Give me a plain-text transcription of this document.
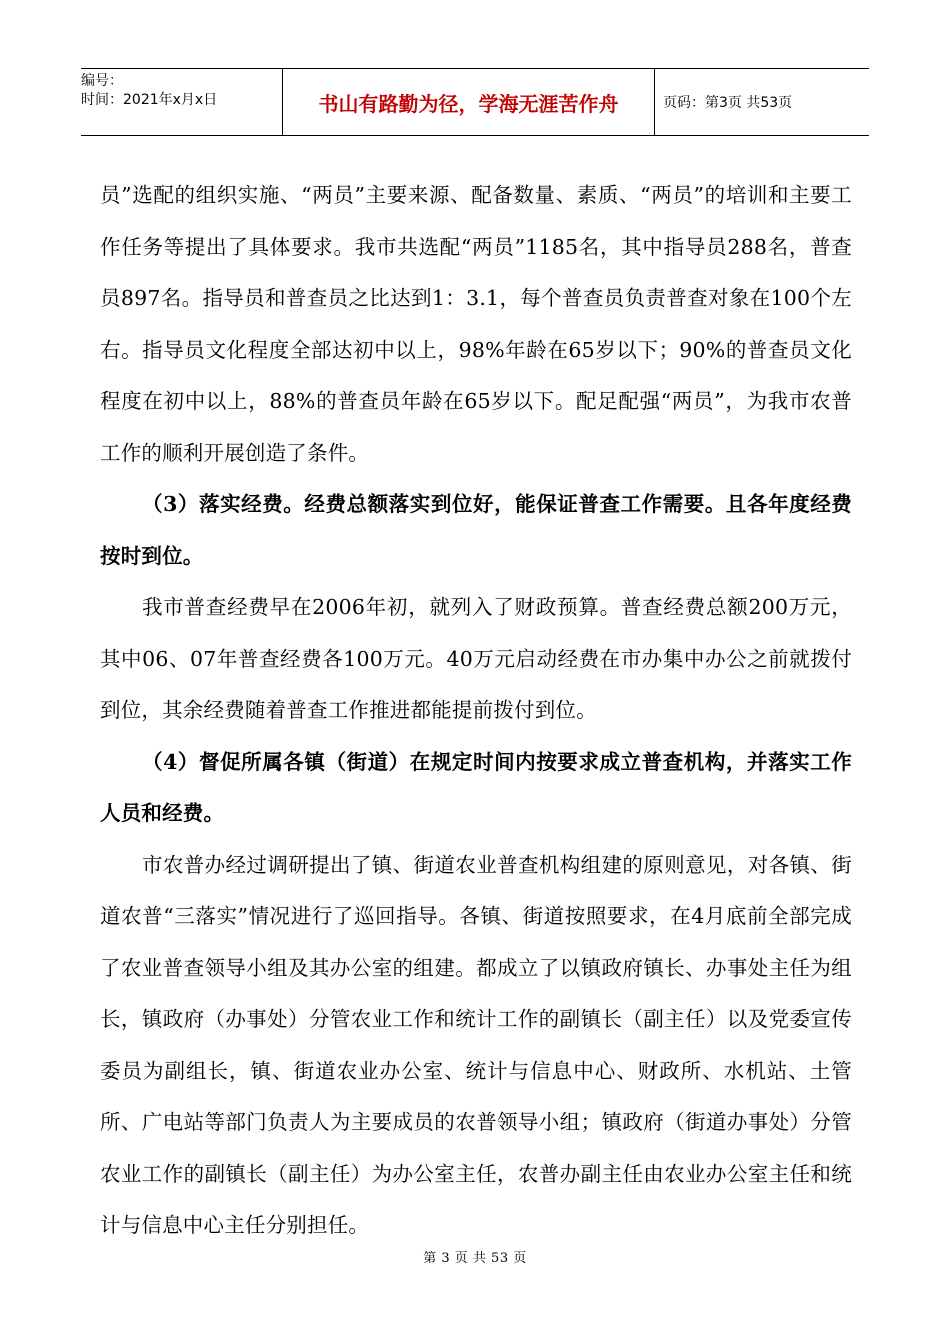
编号：
时间：2021年x月x日	书山有路勤为径，学海无涯苦作舟	页码：第3页 共53页

员”选配的组织实施、“两员”主要来源、配备数量、素质、“两员”的培训和主要工作任务等提出了具体要求。我市共选配“两员”1185名，其中指导员288名，普查员897名。指导员和普查员之比达到1：3.1，每个普查员负责普查对象在100个左右。指导员文化程度全部达初中以上，98%年龄在65岁以下；90%的普查员文化程度在初中以上，88%的普查员年龄在65岁以下。配足配强“两员”，为我市农普工作的顺利开展创造了条件。

（3）落实经费。经费总额落实到位好，能保证普查工作需要。且各年度经费按时到位。

我市普查经费早在2006年初，就列入了财政预算。普查经费总额200万元，其中06、07年普查经费各100万元。40万元启动经费在市办集中办公之前就拨付到位，其余经费随着普查工作推进都能提前拨付到位。

（4）督促所属各镇（街道）在规定时间内按要求成立普查机构，并落实工作人员和经费。

市农普办经过调研提出了镇、街道农业普查机构组建的原则意见，对各镇、街道农普“三落实”情况进行了巡回指导。各镇、街道按照要求，在4月底前全部完成了农业普查领导小组及其办公室的组建。都成立了以镇政府镇长、办事处主任为组长，镇政府（办事处）分管农业工作和统计工作的副镇长（副主任）以及党委宣传委员为副组长，镇、街道农业办公室、统计与信息中心、财政所、水机站、土管所、广电站等部门负责人为主要成员的农普领导小组；镇政府（街道办事处）分管农业工作的副镇长（副主任）为办公室主任，农普办副主任由农业办公室主任和统计与信息中心主任分别担任。

第 3 页 共 53 页
